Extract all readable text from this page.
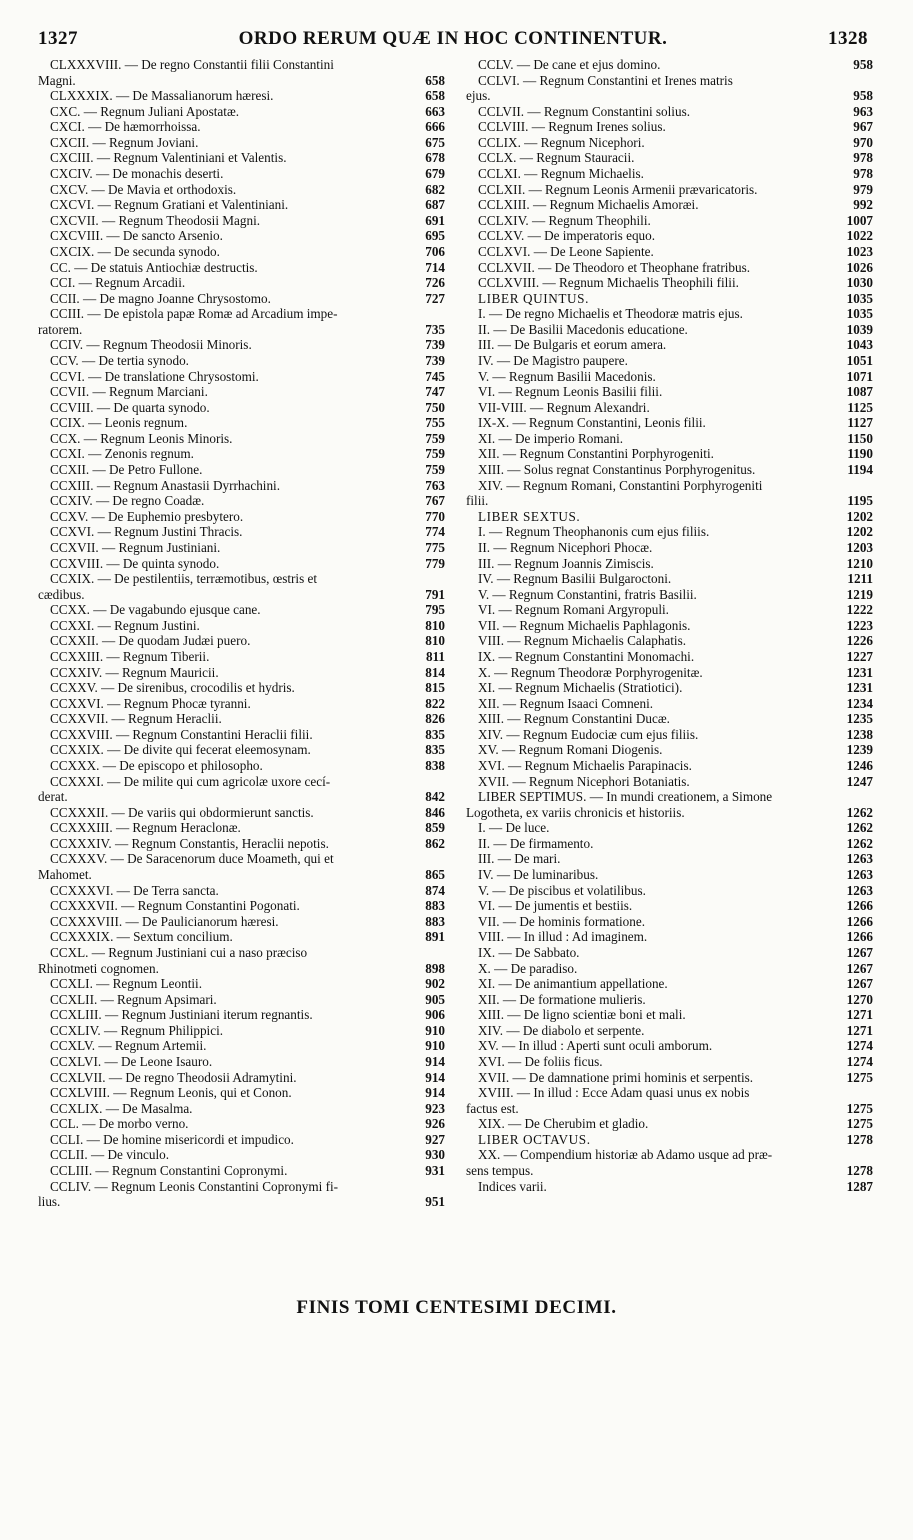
1327	ORDO RERUM QUÆ IN HOC CONTINENTUR.	1328
CLXXXVIII. — De regno Constantii filii Constantini
Magni.	658
CLXXXIX. — De Massalianorum hæresi.	658
CXC. — Regnum Juliani Apostatæ.	663
CXCI. — De hæmorrhoissa.	666
CXCII. — Regnum Joviani.	675
CXCIII. — Regnum Valentiniani et Valentis.	678
CXCIV. — De monachis deserti.	679
CXCV. — De Mavia et orthodoxis.	682
CXCVI. — Regnum Gratiani et Valentiniani.	687
CXCVII. — Regnum Theodosii Magni.	691
CXCVIII. — De sancto Arsenio.	695
CXCIX. — De secunda synodo.	706
CC. — De statuis Antiochiæ destructis.	714
CCI. — Regnum Arcadii.	726
CCII. — De magno Joanne Chrysostomo.	727
CCIII. — De epistola papæ Romæ ad Arcadium impe-
ratorem.	735
CCIV. — Regnum Theodosii Minoris.	739
CCV. — De tertia synodo.	739
CCVI. — De translatione Chrysostomi.	745
CCVII. — Regnum Marciani.	747
CCVIII. — De quarta synodo.	750
CCIX. — Leonis regnum.	755
CCX. — Regnum Leonis Minoris.	759
CCXI. — Zenonis regnum.	759
CCXII. — De Petro Fullone.	759
CCXIII. — Regnum Anastasii Dyrrhachini.	763
CCXIV. — De regno Coadæ.	767
CCXV. — De Euphemio presbytero.	770
CCXVI. — Regnum Justini Thracis.	774
CCXVII. — Regnum Justiniani.	775
CCXVIII. — De quinta synodo.	779
CCXIX. — De pestilentiis, terræmotibus, œstris et
cædibus.	791
CCXX. — De vagabundo ejusque cane.	795
CCXXI. — Regnum Justini.	810
CCXXII. — De quodam Judæi puero.	810
CCXXIII. — Regnum Tiberii.	811
CCXXIV. — Regnum Mauricii.	814
CCXXV. — De sirenibus, crocodilis et hydris.	815
CCXXVI. — Regnum Phocæ tyranni.	822
CCXXVII. — Regnum Heraclii.	826
CCXXVIII. — Regnum Constantini Heraclii filii.	835
CCXXIX. — De divite qui fecerat eleemosynam.	835
CCXXX. — De episcopo et philosopho.	838
CCXXXI. — De milite qui cum agricolæ uxore cecí-
derat.	842
CCXXXII. — De variis qui obdormierunt sanctis.	846
CCXXXIII. — Regnum Heraclonæ.	859
CCXXXIV. — Regnum Constantis, Heraclii nepotis.	862
CCXXXV. — De Saracenorum duce Moameth, qui et
Mahomet.	865
CCXXXVI. — De Terra sancta.	874
CCXXXVII. — Regnum Constantini Pogonati.	883
CCXXXVIII. — De Paulicianorum hæresi.	883
CCXXXIX. — Sextum concilium.	891
CCXL. — Regnum Justiniani cui a naso præciso
Rhinotmeti cognomen.	898
CCXLI. — Regnum Leontii.	902
CCXLII. — Regnum Apsimari.	905
CCXLIII. — Regnum Justiniani iterum regnantis.	906
CCXLIV. — Regnum Philippici.	910
CCXLV. — Regnum Artemii.	910
CCXLVI. — De Leone Isauro.	914
CCXLVII. — De regno Theodosii Adramytini.	914
CCXLVIII. — Regnum Leonis, qui et Conon.	914
CCXLIX. — De Masalma.	923
CCL. — De morbo verno.	926
CCLI. — De homine misericordi et impudico.	927
CCLII. — De vinculo.	930
CCLIII. — Regnum Constantini Copronymi.	931
CCLIV. — Regnum Leonis Constantini Copronymi fi-
lius.	951
CCLV. — De cane et ejus domino.	958
CCLVI. — Regnum Constantini et Irenes matris
ejus.	958
CCLVII. — Regnum Constantini solius.	963
CCLVIII. — Regnum Irenes solius.	967
CCLIX. — Regnum Nicephori.	970
CCLX. — Regnum Stauracii.	978
CCLXI. — Regnum Michaelis.	978
CCLXII. — Regnum Leonis Armenii prævaricatoris.	979
CCLXIII. — Regnum Michaelis Amoræi.	992
CCLXIV. — Regnum Theophili.	1007
CCLXV. — De imperatoris equo.	1022
CCLXVI. — De Leone Sapiente.	1023
CCLXVII. — De Theodoro et Theophane fratribus.	1026
CCLXVIII. — Regnum Michaelis Theophili filii.	1030
LIBER QUINTUS.	1035
I. — De regno Michaelis et Theodoræ matris ejus.	1035
II. — De Basilii Macedonis educatione.	1039
III. — De Bulgaris et eorum amera.	1043
IV. — De Magistro paupere.	1051
V. — Regnum Basilii Macedonis.	1071
VI. — Regnum Leonis Basilii filii.	1087
VII-VIII. — Regnum Alexandri.	1125
IX-X. — Regnum Constantini, Leonis filii.	1127
XI. — De imperio Romani.	1150
XII. — Regnum Constantini Porphyrogeniti.	1190
XIII. — Solus regnat Constantinus Porphyrogenitus.	1194
XIV. — Regnum Romani, Constantini Porphyrogeniti
filii.	1195
LIBER SEXTUS.	1202
I. — Regnum Theophanonis cum ejus filiis.	1202
II. — Regnum Nicephori Phocæ.	1203
III. — Regnum Joannis Zimiscis.	1210
IV. — Regnum Basilii Bulgaroctoni.	1211
V. — Regnum Constantini, fratris Basilii.	1219
VI. — Regnum Romani Argyropuli.	1222
VII. — Regnum Michaelis Paphlagonis.	1223
VIII. — Regnum Michaelis Calaphatis.	1226
IX. — Regnum Constantini Monomachi.	1227
X. — Regnum Theodoræ Porphyrogenitæ.	1231
XI. — Regnum Michaelis (Stratiotici).	1231
XII. — Regnum Isaaci Comneni.	1234
XIII. — Regnum Constantini Ducæ.	1235
XIV. — Regnum Eudociæ cum ejus filiis.	1238
XV. — Regnum Romani Diogenis.	1239
XVI. — Regnum Michaelis Parapinacis.	1246
XVII. — Regnum Nicephori Botaniatis.	1247
LIBER SEPTIMUS. — In mundi creationem, a Simone
Logotheta, ex variis chronicis et historiis.	1262
I. — De luce.	1262
II. — De firmamento.	1262
III. — De mari.	1263
IV. — De luminaribus.	1263
V. — De piscibus et volatilibus.	1263
VI. — De jumentis et bestiis.	1266
VII. — De hominis formatione.	1266
VIII. — In illud : Ad imaginem.	1266
IX. — De Sabbato.	1267
X. — De paradiso.	1267
XI. — De animantium appellatione.	1267
XII. — De formatione mulieris.	1270
XIII. — De ligno scientiæ boni et mali.	1271
XIV. — De diabolo et serpente.	1271
XV. — In illud : Aperti sunt oculi amborum.	1274
XVI. — De foliis ficus.	1274
XVII. — De damnatione primi hominis et serpentis.	1275
XVIII. — In illud : Ecce Adam quasi unus ex nobis
factus est.	1275
XIX. — De Cherubim et gladio.	1275
LIBER OCTAVUS.	1278
XX. — Compendium historiæ ab Adamo usque ad præ-
sens tempus.	1278
Indices varii.	1287
FINIS TOMI CENTESIMI DECIMI.
